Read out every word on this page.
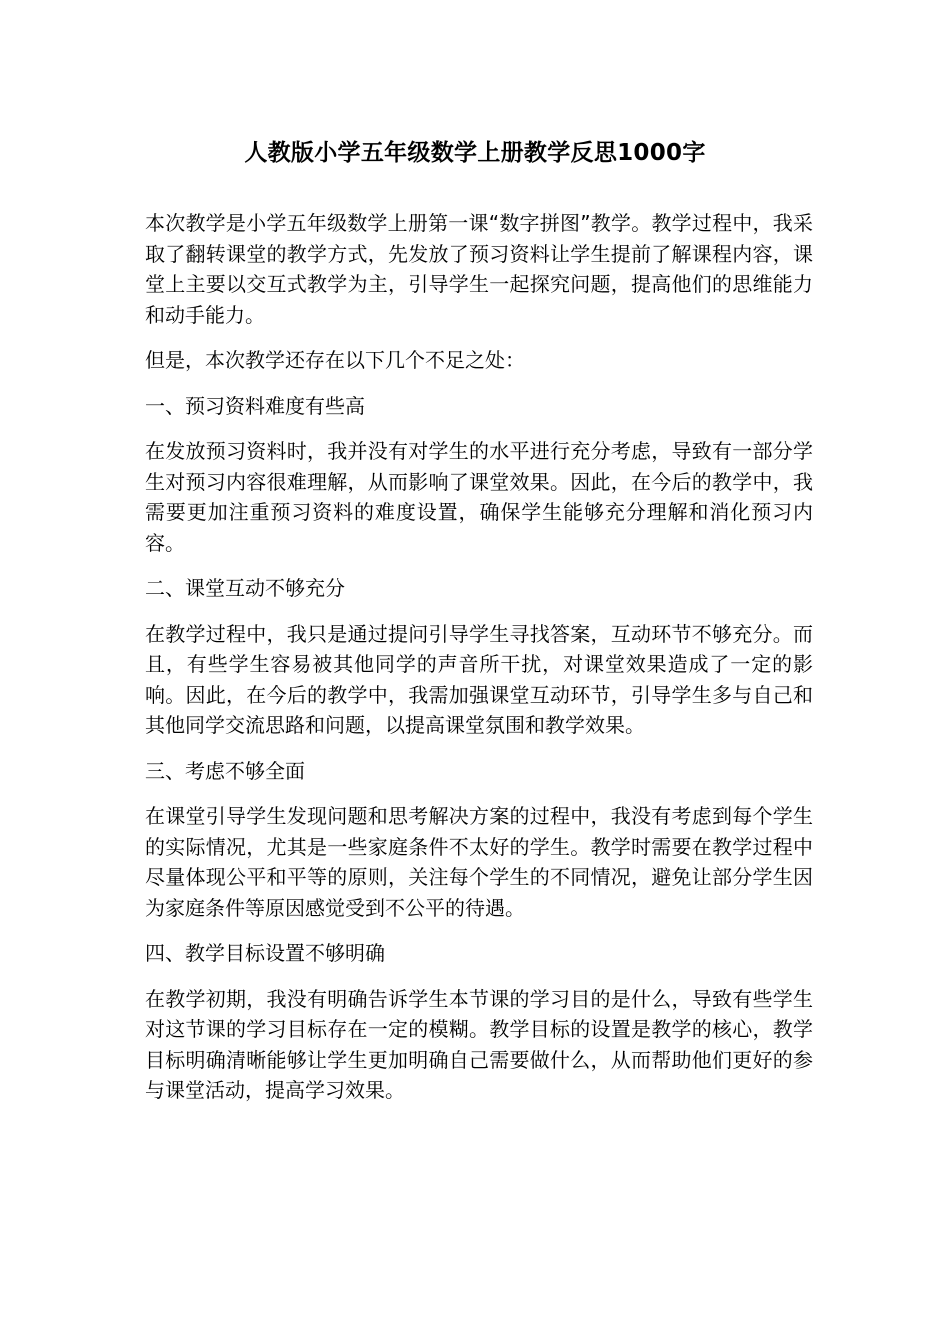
人教版小学五年级数学上册教学反思1000字

本次教学是小学五年级数学上册第一课“数字拼图”教学。教学过程中，我采取了翻转课堂的教学方式，先发放了预习资料让学生提前了解课程内容，课堂上主要以交互式教学为主，引导学生一起探究问题，提高他们的思维能力和动手能力。

但是，本次教学还存在以下几个不足之处：

一、预习资料难度有些高

在发放预习资料时，我并没有对学生的水平进行充分考虑，导致有一部分学生对预习内容很难理解，从而影响了课堂效果。因此，在今后的教学中，我需要更加注重预习资料的难度设置，确保学生能够充分理解和消化预习内容。

二、课堂互动不够充分

在教学过程中，我只是通过提问引导学生寻找答案，互动环节不够充分。而且，有些学生容易被其他同学的声音所干扰，对课堂效果造成了一定的影响。因此，在今后的教学中，我需加强课堂互动环节，引导学生多与自己和其他同学交流思路和问题，以提高课堂氛围和教学效果。

三、考虑不够全面

在课堂引导学生发现问题和思考解决方案的过程中，我没有考虑到每个学生的实际情况，尤其是一些家庭条件不太好的学生。教学时需要在教学过程中尽量体现公平和平等的原则，关注每个学生的不同情况，避免让部分学生因为家庭条件等原因感觉受到不公平的待遇。

四、教学目标设置不够明确

在教学初期，我没有明确告诉学生本节课的学习目的是什么，导致有些学生对这节课的学习目标存在一定的模糊。教学目标的设置是教学的核心，教学目标明确清晰能够让学生更加明确自己需要做什么，从而帮助他们更好的参与课堂活动，提高学习效果。
